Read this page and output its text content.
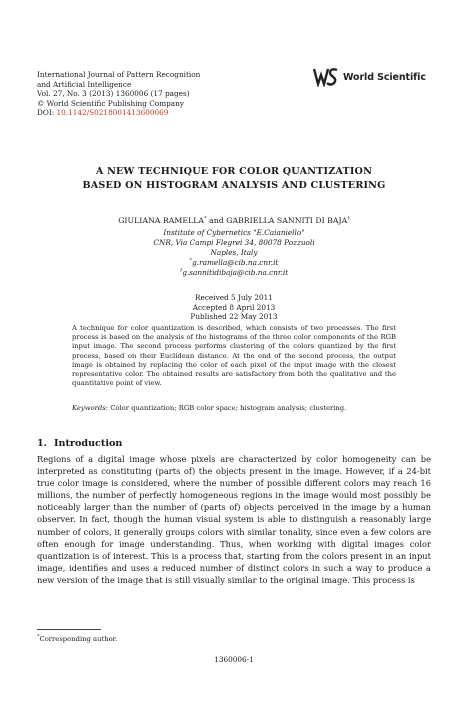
International Journal of Pattern Recognition
and Artificial Intelligence
Vol. 27, No. 3 (2013) 1360006 (17 pages)
© World Scientific Publishing Company
DOI: 10.1142/S0218001413600069
World Scientific
A NEW TECHNIQUE FOR COLOR QUANTIZATION
BASED ON HISTOGRAM ANALYSIS AND CLUSTERING
GIULIANA RAMELLA* and GABRIELLA SANNITI DI BAJA†
Institute of Cybernetics "E.Caianiello"
CNR, Via Campi Flegrei 34, 80078 Pozzuoli
Naples, Italy
*g.ramella@cib.na.cnr.it
†g.sannitidibaja@cib.na.cnr.it
Received 5 July 2011
Accepted 8 April 2013
Published 22 May 2013

A technique for color quantization is described, which consists of two processes. The first process is based on the analysis of the histograms of the three color components of the RGB input image. The second process performs clustering of the colors quantized by the first process, based on their Euclidean distance. At the end of the second process, the output image is obtained by replacing the color of each pixel of the input image with the closest representative color. The obtained results are satisfactory from both the qualitative and the quantitative point of view.

Keywords: Color quantization; RGB color space; histogram analysis; clustering.
1. Introduction

Regions of a digital image whose pixels are characterized by color homogeneity can be interpreted as constituting (parts of) the objects present in the image. However, if a 24-bit true color image is considered, where the number of possible different colors may reach 16 millions, the number of perfectly homogeneous regions in the image would most possibly be noticeably larger than the number of (parts of) objects perceived in the image by a human observer. In fact, though the human visual system is able to distinguish a reasonably large number of colors, it generally groups colors with similar tonality, since even a few colors are often enough for image understanding. Thus, when working with digital images color quantization is of interest. This is a process that, starting from the colors present in an input image, identifies and uses a reduced number of distinct colors in such a way to produce a new version of the image that is still visually similar to the original image. This process is

*Corresponding author.
1360006-1
